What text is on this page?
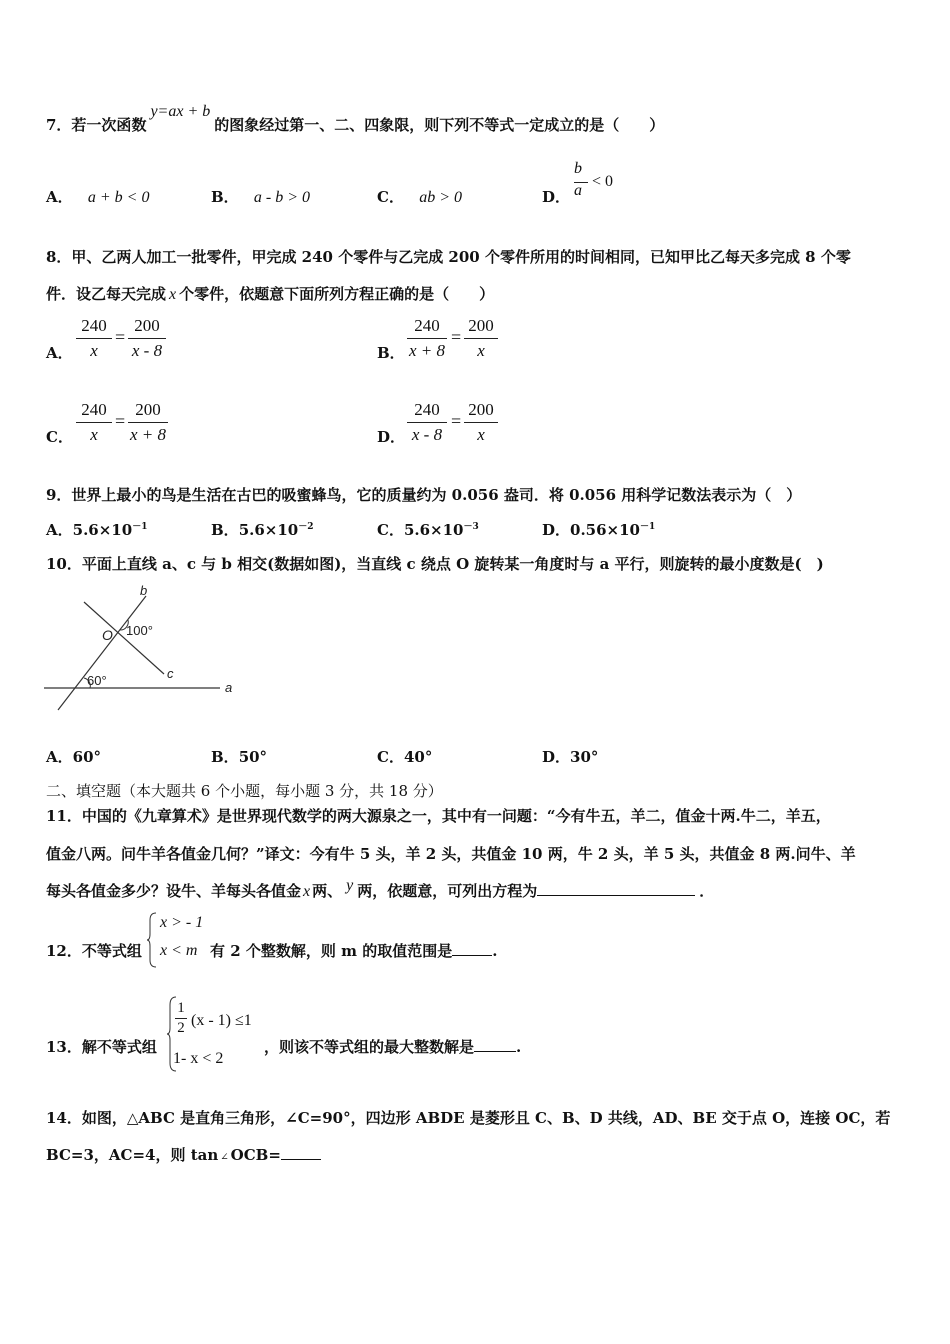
7．若一次函数y=ax + b的图象经过第一、二、四象限，则下列不等式一定成立的是（　　）
A． a + b < 0	B． a - b > 0	C． ab > 0	D．
b
a
< 0
8．甲、乙两人加工一批零件，甲完成 240 个零件与乙完成 200 个零件所用的时间相同，已知甲比乙每天多完成 8 个零
件．设乙每天完成 x 个零件，依题意下面所列方程正确的是（　　）
A． $\frac{240}{x} = \frac{200}{x - 8}$	B． $\frac{240}{x + 8} = \frac{200}{x}$
C． $\frac{240}{x} = \frac{200}{x + 8}$	D． $\frac{240}{x - 8} = \frac{200}{x}$
9．世界上最小的鸟是生活在古巴的吸蜜蜂鸟，它的质量约为 0.056 盎司．将 0.056 用科学记数法表示为（　）
A．$5.6\times 10^{-1}$	B．$5.6\times 10^{-2}$	C．$5.6\times 10^{-3}$	D．$0.56\times 10^{-1}$
10．平面上直线 a、c 与 b 相交(数据如图)，当直线 c 绕点 O 旋转某一角度时与 a 平行，则旋转的最小度数是(　)
b
O 100°
c
60°	a
A．60°	B．50°	C．40°	D．30°
二、填空题（本大题共 6 个小题，每小题 3 分，共 18 分）
11．中国的《九章算术》是世界现代数学的两大源泉之一，其中有一问题：“今有牛五，羊二，值金十两.牛二，羊五，
值金八两。问牛羊各值金几何？”译文：今有牛 5 头，羊 2 头，共值金 10 两，牛 2 头，羊 5 头，共值金 8 两.问牛、羊
每头各值金多少？设牛、羊每头各值金 x 两、 y 两，依题意，可列出方程为	．
12．不等式组
x > - 1
x < m 有 2 个整数解，则 m 的取值范围是	.
13．解不等式组
$\frac{1}{2} (x - 1) \le 1$
1- x < 2
，则该不等式组的最大整数解是	.
14．如图，△ABC 是直角三角形，∠C=90°，四边形 ABDE 是菱形且 C、B、D 共线，AD、BE 交于点 O，连接 OC，若
BC=3，AC=4，则 tan ∠ OCB=
